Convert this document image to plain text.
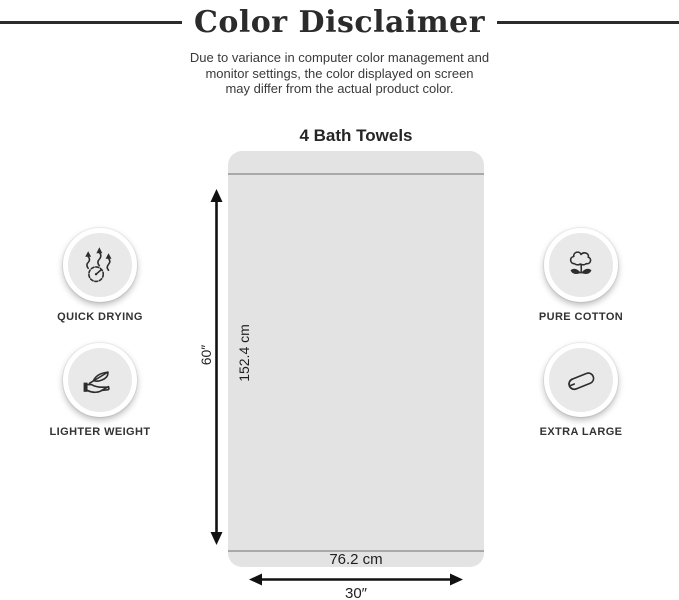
Color Disclaimer
Due to variance in computer color management and
monitor settings, the color displayed on screen
may differ from the actual product color.
4 Bath Towels
60″ 152.4 cm
76.2 cm
30″
QUICK DRYING
LIGHTER WEIGHT
PURE COTTON
EXTRA LARGE
